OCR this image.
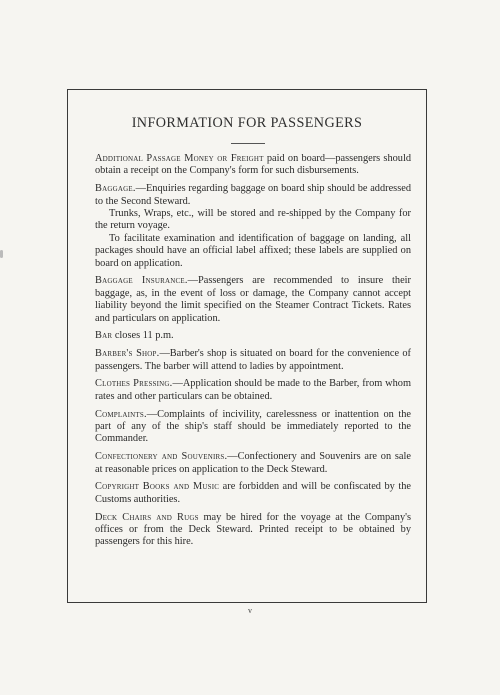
INFORMATION FOR PASSENGERS

Additional Passage Money or Freight paid on board—passengers should obtain a receipt on the Company's form for such disbursements.

Baggage.—Enquiries regarding baggage on board ship should be addressed to the Second Steward.

Trunks, Wraps, etc., will be stored and re-shipped by the Company for the return voyage.

To facilitate examination and identification of baggage on landing, all packages should have an official label affixed; these labels are supplied on board on application.

Baggage Insurance.—Passengers are recommended to insure their baggage, as, in the event of loss or damage, the Company cannot accept liability beyond the limit specified on the Steamer Contract Tickets. Rates and particulars on application.

Bar closes 11 p.m.

Barber's Shop.—Barber's shop is situated on board for the convenience of passengers. The barber will attend to ladies by appointment.

Clothes Pressing.—Application should be made to the Barber, from whom rates and other particulars can be obtained.

Complaints.—Complaints of incivility, carelessness or inattention on the part of any of the ship's staff should be immediately reported to the Commander.

Confectionery and Souvenirs.—Confectionery and Souvenirs are on sale at reasonable prices on application to the Deck Steward.

Copyright Books and Music are forbidden and will be confiscated by the Customs authorities.

Deck Chairs and Rugs may be hired for the voyage at the Company's offices or from the Deck Steward. Printed receipt to be obtained by passengers for this hire.

v
